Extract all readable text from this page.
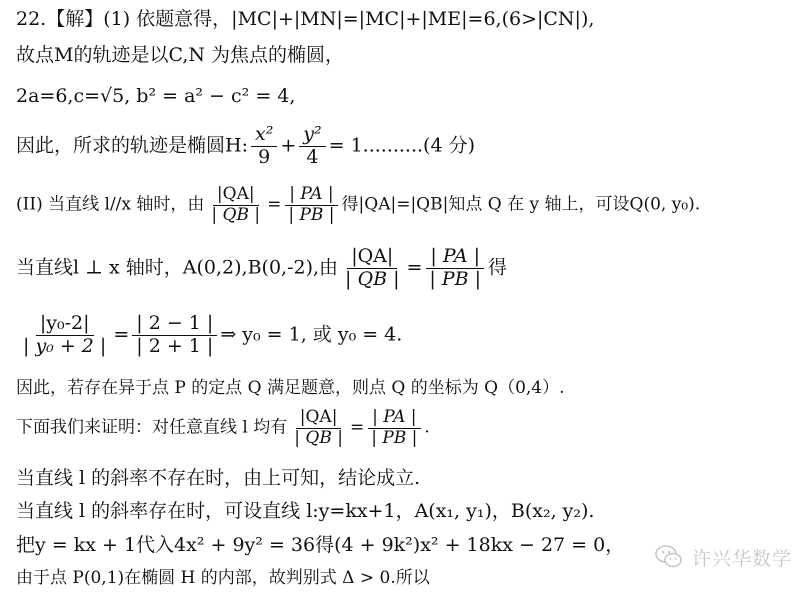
22.【解】(1) 依题意得，|MC|+|MN|=|MC|+|ME|=6,(6>|CN|),
故点M的轨迹是以C,N 为焦点的椭圆，
2a=6,c=√5, b² = a² − c² = 4,
因此，所求的轨迹是椭圆H: $\frac{\text{x²}}{9} + \frac{\text{y²}}{4} = 1..........(4$ 分)
(II) 当直线 l//x 轴时，由 $\frac{|QA|}{| QB |} = \frac{| PA |}{| PB |}$ 得|QA|=|QB|知点 Q 在 y 轴上，可设Q(0, y₀).
当直线l ⊥ x 轴时，A(0,2),B(0,-2),由 $\frac{|QA|}{| QB |} = \frac{| PA |}{| PB |}$ 得
$\frac{\text{|y₀-2|}}{\text{| y₀ + 2 |}} = \frac{| 2 - 1 |}{| 2 + 1 |}$ ⇒ y₀ = 1, 或 y₀ = 4.
因此，若存在异于点 P 的定点 Q 满足题意，则点 Q 的坐标为 Q（0,4）.
下面我们来证明：对任意直线 l 均有 $\frac{|QA|}{| QB |} = \frac{| PA |}{| PB |}$ .
当直线 l 的斜率不存在时，由上可知，结论成立.
当直线 l 的斜率存在时，可设直线 l:y=kx+1，A(x₁, y₁)，B(x₂, y₂).
把y = kx + 1代入4x² + 9y² = 36得(4 + 9k²)x² + 18kx − 27 = 0，
由于点 P(0,1)在椭圆 H 的内部，故判别式 Δ > 0.所以
许兴华数学
